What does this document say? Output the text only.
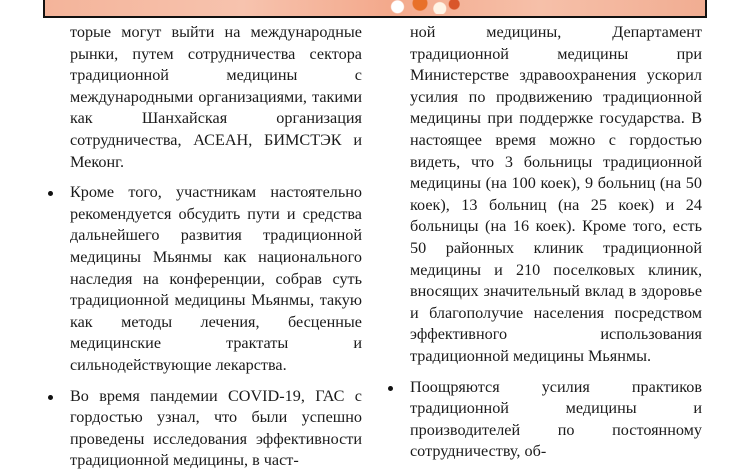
торые могут выйти на международные рынки, путем сотрудничества сектора традиционной медицины с международными организациями, такими как Шанхайская организация сотрудничества, АСЕАН, БИМСТЭК и Меконг.

Кроме того, участникам настоятельно рекомендуется обсудить пути и средства дальнейшего развития традиционной медицины Мьянмы как национального наследия на конференции, собрав суть традиционной медицины Мьянмы, такую как методы лечения, бесценные медицинские трактаты и сильнодействующие лекарства.
Во время пандемии COVID-19, ГАС с гордостью узнал, что были успешно проведены исследования эффективности традиционной медицины, в част-

ной медицины, Департамент традиционной медицины при Министерстве здравоохранения ускорил усилия по продвижению традиционной медицины при поддержке государства. В настоящее время можно с гордостью видеть, что 3 больницы традиционной медицины (на 100 коек), 9 больниц (на 50 коек), 13 больниц (на 25 коек) и 24 больницы (на 16 коек). Кроме того, есть 50 районных клиник традиционной медицины и 210 поселковых клиник, вносящих значительный вклад в здоровье и благополучие населения посредством эффективного использования традиционной медицины Мьянмы.

Поощряются усилия практиков традиционной медицины и производителей по постоянному сотрудничеству, об-
